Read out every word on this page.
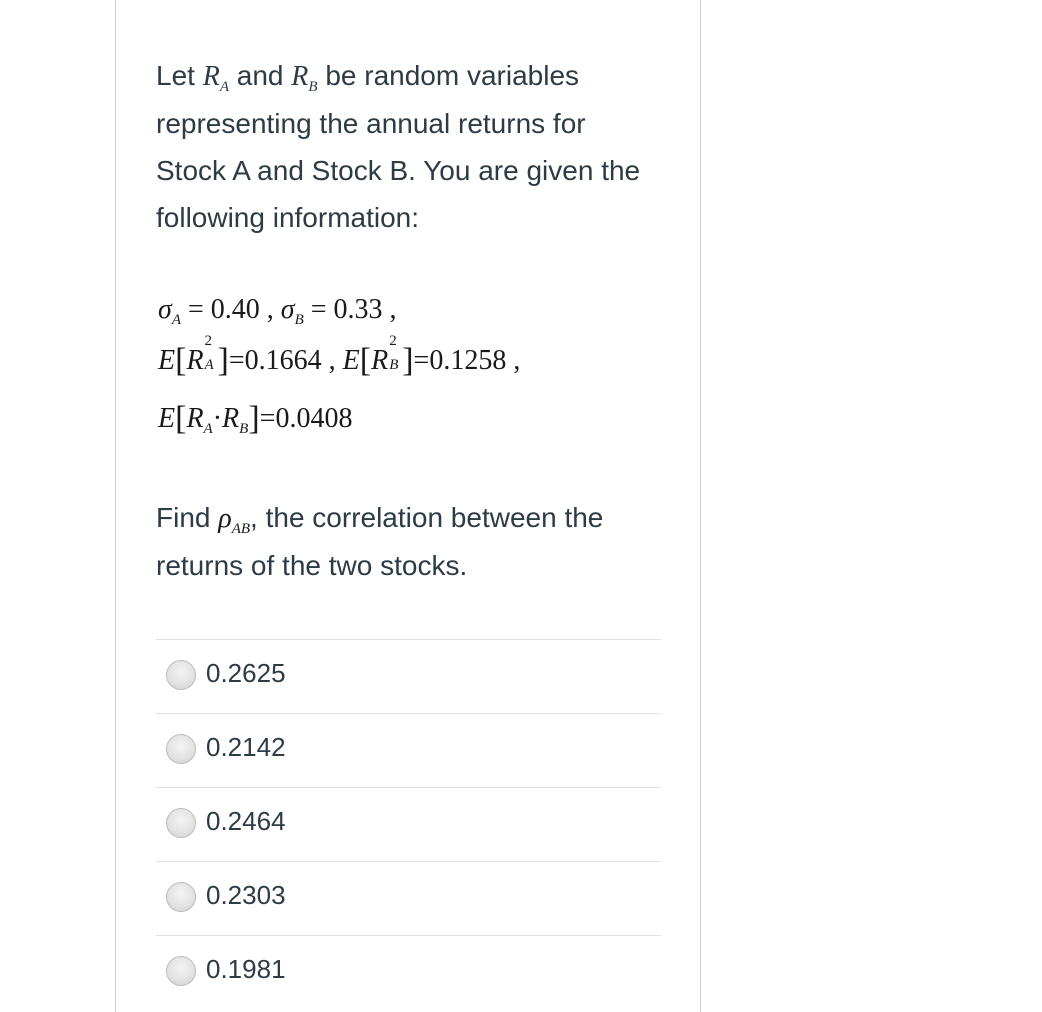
Let $R_A$ and $R_B$ be random variables representing the annual returns for Stock A and Stock B. You are given the following information:
$\sigma_A = 0.40$ , $\sigma_B = 0.33$ ,
E[R
2
A ]=0.1664 , E[R
2
B ]=0.1258 ,
$E[R_A\cdot R_B]=0.0408$
Find $\rho_{AB}$, the correlation between the returns of the two stocks.
0.2625
0.2142
0.2464
0.2303
0.1981
